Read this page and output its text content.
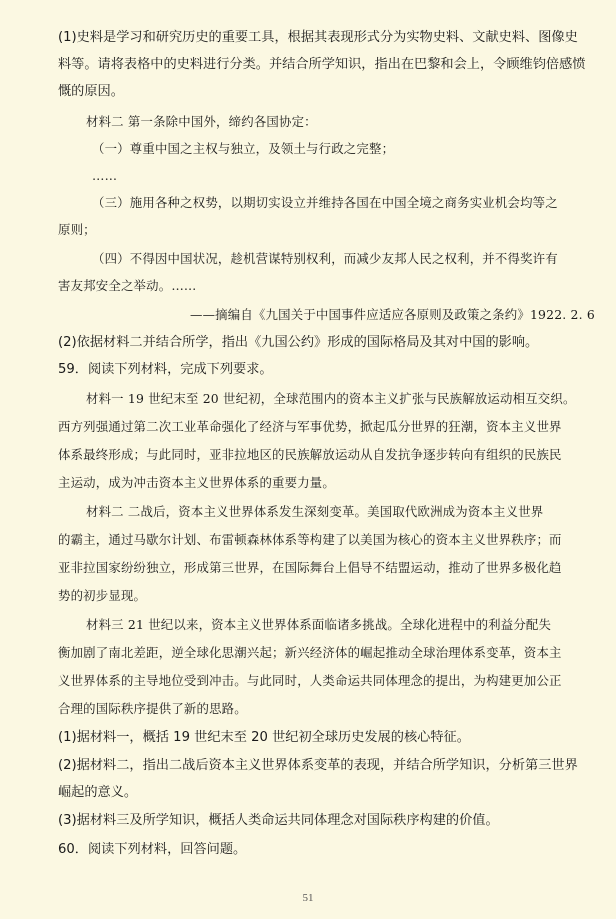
(1)史料是学习和研究历史的重要工具，根据其表现形式分为实物史料、文献史料、图像史
料等。请将表格中的史料进行分类。并结合所学知识，指出在巴黎和会上，令顾维钧倍感愤
慨的原因。
材料二 第一条除中国外，缔约各国协定：
（一）尊重中国之主权与独立，及领土与行政之完整；
……
（三）施用各种之权势，以期切实设立并维持各国在中国全境之商务实业机会均等之
原则；
（四）不得因中国状况，趁机营谋特别权利，而减少友邦人民之权利，并不得奖许有
害友邦安全之举动。……
——摘编自《九国关于中国事件应适应各原则及政策之条约》1922. 2. 6
(2)依据材料二并结合所学，指出《九国公约》形成的国际格局及其对中国的影响。
59．阅读下列材料，完成下列要求。
材料一 19 世纪末至 20 世纪初，全球范围内的资本主义扩张与民族解放运动相互交织。
西方列强通过第二次工业革命强化了经济与军事优势，掀起瓜分世界的狂潮，资本主义世界
体系最终形成；与此同时，亚非拉地区的民族解放运动从自发抗争逐步转向有组织的民族民
主运动，成为冲击资本主义世界体系的重要力量。
材料二 二战后，资本主义世界体系发生深刻变革。美国取代欧洲成为资本主义世界
的霸主，通过马歇尔计划、布雷顿森林体系等构建了以美国为核心的资本主义世界秩序；而
亚非拉国家纷纷独立，形成第三世界，在国际舞台上倡导不结盟运动，推动了世界多极化趋
势的初步显现。
材料三 21 世纪以来，资本主义世界体系面临诸多挑战。全球化进程中的利益分配失
衡加剧了南北差距，逆全球化思潮兴起；新兴经济体的崛起推动全球治理体系变革，资本主
义世界体系的主导地位受到冲击。与此同时，人类命运共同体理念的提出，为构建更加公正
合理的国际秩序提供了新的思路。
(1)据材料一，概括 19 世纪末至 20 世纪初全球历史发展的核心特征。
(2)据材料二，指出二战后资本主义世界体系变革的表现，并结合所学知识，分析第三世界
崛起的意义。
(3)据材料三及所学知识，概括人类命运共同体理念对国际秩序构建的价值。
60．阅读下列材料，回答问题。
51
